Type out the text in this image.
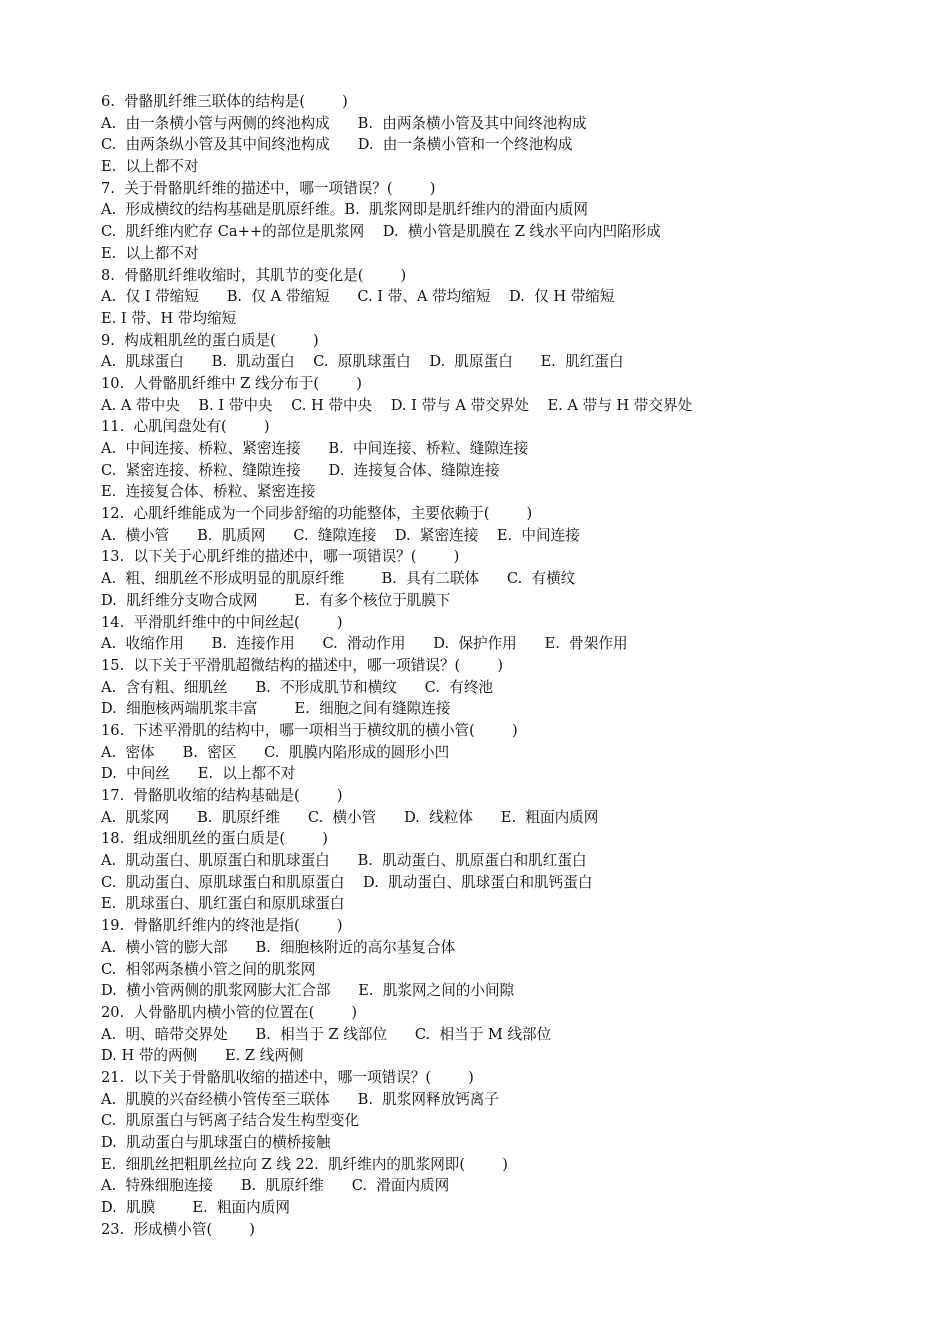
6.  骨骼肌纤维三联体的结构是(        )
A.  由一条横小管与两侧的终池构成      B.  由两条横小管及其中间终池构成
C.  由两条纵小管及其中间终池构成      D.  由一条横小管和一个终池构成
E.  以上都不对
7.  关于骨骼肌纤维的描述中，哪一项错误？(        )
A.  形成横纹的结构基础是肌原纤维。B.  肌浆网即是肌纤维内的滑面内质网
C.  肌纤维内贮存 Ca++的部位是肌浆网    D.  横小管是肌膜在 Z 线水平向内凹陷形成
E.  以上都不对
8.  骨骼肌纤维收缩时，其肌节的变化是(        )
A.  仅 I 带缩短      B.  仅 A 带缩短      C. I 带、A 带均缩短    D.  仅 H 带缩短
E. I 带、H 带均缩短
9.  构成粗肌丝的蛋白质是(        )
A.  肌球蛋白      B.  肌动蛋白    C.  原肌球蛋白    D.  肌原蛋白      E.  肌红蛋白
10.  人骨骼肌纤维中 Z 线分布于(        )
A. A 带中央    B. I 带中央    C. H 带中央    D. I 带与 A 带交界处    E. A 带与 H 带交界处
11.  心肌闰盘处有(        )
A.  中间连接、桥粒、紧密连接      B.  中间连接、桥粒、缝隙连接
C.  紧密连接、桥粒、缝隙连接      D.  连接复合体、缝隙连接
E.  连接复合体、桥粒、紧密连接
12.  心肌纤维能成为一个同步舒缩的功能整体，主要依赖于(        )
A.  横小管      B.  肌质网      C.  缝隙连接    D.  紧密连接    E.  中间连接
13.  以下关于心肌纤维的描述中，哪一项错误？(        )
A.  粗、细肌丝不形成明显的肌原纤维        B.  具有二联体      C.  有横纹
D.  肌纤维分支吻合成网        E.  有多个核位于肌膜下
14.  平滑肌纤维中的中间丝起(        )
A.  收缩作用      B.  连接作用      C.  滑动作用      D.  保护作用      E.  骨架作用
15.  以下关于平滑肌超微结构的描述中，哪一项错误？(        )
A.  含有粗、细肌丝      B.  不形成肌节和横纹      C.  有终池
D.  细胞核两端肌浆丰富        E.  细胞之间有缝隙连接
16.  下述平滑肌的结构中，哪一项相当于横纹肌的横小管(        )
A.  密体      B.  密区      C.  肌膜内陷形成的圆形小凹
D.  中间丝      E.  以上都不对
17.  骨骼肌收缩的结构基础是(        )
A.  肌浆网      B.  肌原纤维      C.  横小管      D.  线粒体      E.  粗面内质网
18.  组成细肌丝的蛋白质是(        )
A.  肌动蛋白、肌原蛋白和肌球蛋白      B.  肌动蛋白、肌原蛋白和肌红蛋白
C.  肌动蛋白、原肌球蛋白和肌原蛋白    D.  肌动蛋白、肌球蛋白和肌钙蛋白
E.  肌球蛋白、肌红蛋白和原肌球蛋白
19.  骨骼肌纤维内的终池是指(        )
A.  横小管的膨大部      B.  细胞核附近的高尔基复合体
C.  相邻两条横小管之间的肌浆网
D.  横小管两侧的肌浆网膨大汇合部      E.  肌浆网之间的小间隙
20.  人骨骼肌内横小管的位置在(        )
A.  明、暗带交界处      B.  相当于 Z 线部位      C.  相当于 M 线部位
D. H 带的两侧      E. Z 线两侧
21.  以下关于骨骼肌收缩的描述中，哪一项错误？(        )
A.  肌膜的兴奋经横小管传至三联体      B.  肌浆网释放钙离子
C.  肌原蛋白与钙离子结合发生构型变化
D.  肌动蛋白与肌球蛋白的横桥接触
E.  细肌丝把粗肌丝拉向 Z 线 22.  肌纤维内的肌浆网即(        )
A.  特殊细胞连接      B.  肌原纤维      C.  滑面内质网
D.  肌膜        E.  粗面内质网
23.  形成横小管(        )
